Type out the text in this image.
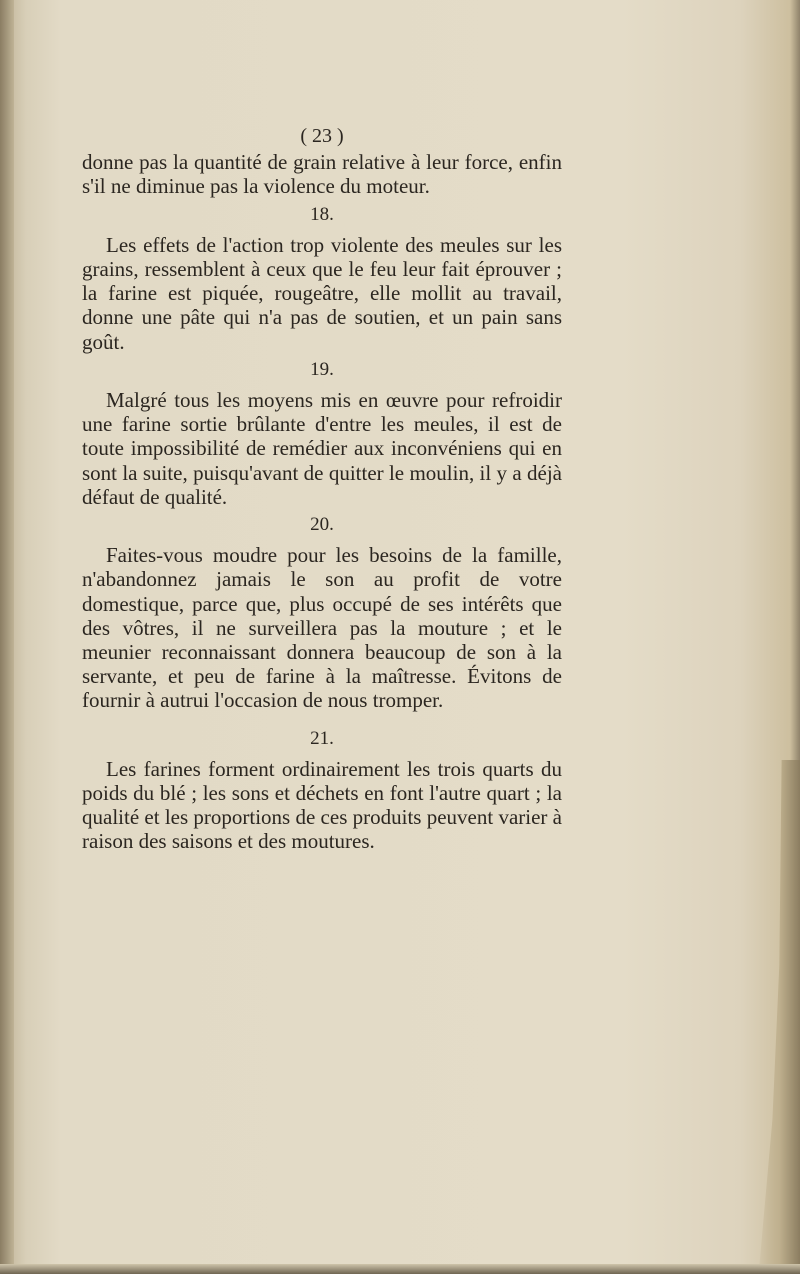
( 23 )

donne pas la quantité de grain relative à leur force, enfin s'il ne diminue pas la violence du moteur.

18.

Les effets de l'action trop violente des meules sur les grains, ressemblent à ceux que le feu leur fait éprouver ; la farine est piquée, rougeâtre, elle mollit au travail, donne une pâte qui n'a pas de soutien, et un pain sans goût.

19.

Malgré tous les moyens mis en œuvre pour refroidir une farine sortie brûlante d'entre les meules, il est de toute impossibilité de remédier aux inconvéniens qui en sont la suite, puisqu'avant de quitter le moulin, il y a déjà défaut de qualité.

20.

Faites-vous moudre pour les besoins de la famille, n'abandonnez jamais le son au profit de votre domestique, parce que, plus occupé de ses intérêts que des vôtres, il ne surveillera pas la mouture ; et le meunier reconnaissant donnera beaucoup de son à la servante, et peu de farine à la maîtresse. Évitons de fournir à autrui l'occasion de nous tromper.

21.

Les farines forment ordinairement les trois quarts du poids du blé ; les sons et déchets en font l'autre quart ; la qualité et les proportions de ces produits peuvent varier à raison des saisons et des moutures.
